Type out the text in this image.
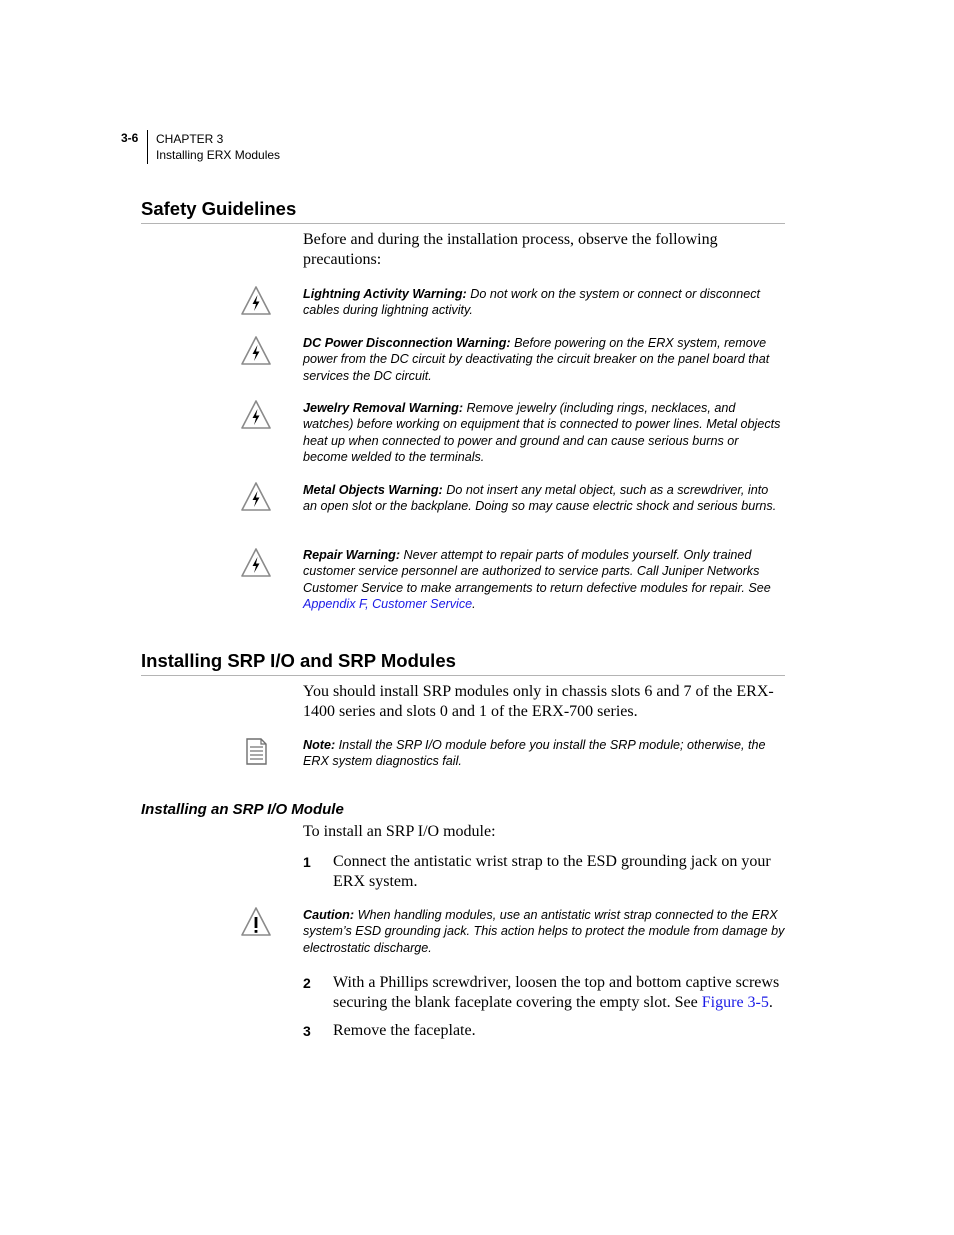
3-6 CHAPTER 3
Installing ERX Modules
Safety Guidelines
Before and during the installation process, observe the following precautions:
Lightning Activity Warning: Do not work on the system or connect or disconnect cables during lightning activity.
DC Power Disconnection Warning: Before powering on the ERX system, remove power from the DC circuit by deactivating the circuit breaker on the panel board that services the DC circuit.
Jewelry Removal Warning: Remove jewelry (including rings, necklaces, and watches) before working on equipment that is connected to power lines. Metal objects heat up when connected to power and ground and can cause serious burns or become welded to the terminals.
Metal Objects Warning: Do not insert any metal object, such as a screwdriver, into an open slot or the backplane. Doing so may cause electric shock and serious burns.
Repair Warning: Never attempt to repair parts of modules yourself. Only trained customer service personnel are authorized to service parts. Call Juniper Networks Customer Service to make arrangements to return defective modules for repair. See Appendix F, Customer Service.
Installing SRP I/O and SRP Modules
You should install SRP modules only in chassis slots 6 and 7 of the ERX-1400 series and slots 0 and 1 of the ERX-700 series.
Note: Install the SRP I/O module before you install the SRP module; otherwise, the ERX system diagnostics fail.
Installing an SRP I/O Module
To install an SRP I/O module:
1 Connect the antistatic wrist strap to the ESD grounding jack on your ERX system.
Caution: When handling modules, use an antistatic wrist strap connected to the ERX system’s ESD grounding jack. This action helps to protect the module from damage by electrostatic discharge.
2 With a Phillips screwdriver, loosen the top and bottom captive screws securing the blank faceplate covering the empty slot. See Figure 3-5.
3 Remove the faceplate.
